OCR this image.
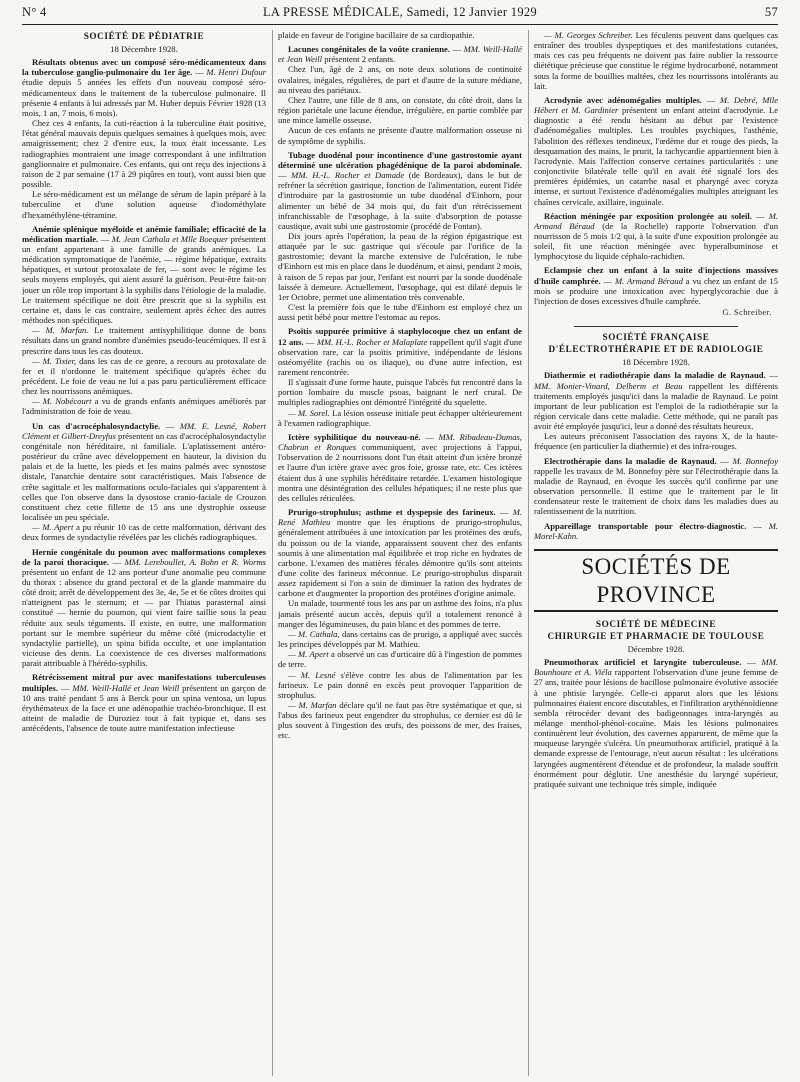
N° 4	LA PRESSE MÉDICALE, Samedi, 12 Janvier 1929	57
SOCIÉTÉ DE PÉDIATRIE
18 Décembre 1928.

Résultats obtenus avec un composé séro-médicamenteux dans la tuberculose ganglio-pulmonaire du 1er âge. — M. Henri Dufour étudie depuis 5 années les effets d'un nouveau composé séro-médicamenteux dans le traitement de la tuberculose pulmonaire. Il présente 4 enfants à lui adressés par M. Huber depuis Février 1928 (13 mois, 1 an, 7 mois, 6 mois).

Chez ces 4 enfants, la cuti-réaction à la tuberculine était positive, l'état général mauvais depuis quelques semaines à quelques mois, avec amaigrissement; chez 2 d'entre eux, la toux était incessante. Les radiographies montraient une image correspondant à une infiltration ganglionnaire et pulmonaire. Ces enfants, qui ont reçu des injections à raison de 2 par semaine (17 à 29 piqûres en tout), vont aussi bien que possible.

Le séro-médicament est un mélange de sérum de lapin préparé à la tuberculine et d'une solution aqueuse d'iodométhylate d'hexaméthylène-tétramine.

Anémie splénique myéloïde et anémie familiale; efficacité de la médication martiale. — M. Jean Cathala et Mlle Boequer présentent un enfant appartenant à une famille de grands anémiques. La médication symptomatique de l'anémie, — régime hépatique, extraits hépatiques, et surtout protoxalate de fer, — sont avec le régime les seuls moyens employés, qui aient assuré la guérison. Peut-être fait-on jouer un rôle trop important à la syphilis dans l'étiologie de la maladie. Le traitement spécifique ne doit être prescrit que si la syphilis est certaine et, dans le cas contraire, seulement après échec des autres méthodes non spécifiques.

— M. Marfan. Le traitement antisyphilitique donne de bons résultats dans un grand nombre d'anémies pseudo-leucémiques. Il est à prescrire dans tous les cas douteux.

— M. Tixier, dans les cas de ce genre, a recours au protoxalate de fer et il n'ordonne le traitement spécifique qu'après échec du précédent. Le foie de veau ne lui a pas paru particulièrement efficace chez les nourrissons anémiques.

— M. Nobécourt a vu de grands enfants anémiques améliorés par l'administration de foie de veau.

Un cas d'acrocéphalosyndactylie. — MM. E. Lesné, Robert Clément et Gilbert-Dreyfus présentent un cas d'acrocéphalosyndactylie congénitale non héréditaire, ni familiale. L'aplatissement antéro-postérieur du crâne avec développement en hauteur, la division du palais et de la luette, les pieds et les mains palmés avec synostose distale, l'anarchie dentaire sont caractéristiques. Mais l'absence de crête sagittale et les malformations oculo-faciales qui s'apparentent à celles que l'on observe dans la dysostose cranio-faciale de Crouzon constituent chez cette fillette de 15 ans une dystrophie osseuse localisée un peu spéciale.

— M. Apert a pu réunir 10 cas de cette malformation, dérivant des deux formes de syndactylie révélées par les clichés radiographiques.

Hernie congénitale du poumon avec malformations complexes de la paroi thoracique. — MM. Lereboullet, A. Bohn et R. Worms présentent un enfant de 12 ans porteur d'une anomalie peu commune du thorax : absence du grand pectoral et de la glande mammaire du côté droit; arrêt de développement des 3e, 4e, 5e et 6e côtes droites qui n'atteignent pas le sternum; et — par l'hiatus parasternal ainsi constitué — hernie du poumon, qui vient faire saillie sous la peau réduite aux seuls téguments. Il existe, en outre, une malformation portant sur le membre supérieur du même côté (microdactylie et syndactylie partielle), un spina bifida occulte, et une implantation vicieuse des dents. La coexistence de ces diverses malformations parait attribuable à l'hérédo-syphilis.

Rétrécissement mitral pur avec manifestations tuberculeuses multiples. — MM. Weill-Hallé et Jean Weill présentent un garçon de 10 ans traité pendant 5 ans à Berck pour un spina ventosa, un lupus érythémateux de la face et une adénopathie trachéo-bronchique. Il est atteint de maladie de Duroziez tout à fait typique et, dans ses antécédents, l'absence de toute autre manifestation infectieuse

plaide en faveur de l'origine bacillaire de sa cardiopathie.

Lacunes congénitales de la voûte cranienne. — MM. Weill-Hallé et Jean Weill présentent 2 enfants.

Chez l'un, âgé de 2 ans, on note deux solutions de continuité ovalaires, inégales, régulières, de part et d'autre de la suture médiane, au niveau des pariétaux.

Chez l'autre, une fille de 8 ans, on constate, du côté droit, dans la région pariétale une lacune étendue, irrégulière, en partie comblée par une mince lamelle osseuse.

Aucun de ces enfants ne présente d'autre malformation osseuse ni de symptôme de syphilis.

Tubage duodénal pour incontinence d'une gastrostomie ayant déterminé une ulcération phagédénique de la paroi abdominale. — MM. H.-L. Rocher et Damade (de Bordeaux), dans le but de refréner la sécrétion gastrique, fonction de l'alimentation, eurent l'idée d'introduire par la gastrostomie un tube duodénal d'Einhorn, pour alimenter un bébé de 34 mois qui, du fait d'un rétrécissement infranchissable de l'œsophage, à la suite d'absorption de potasse caustique, avait subi une gastrostomie (procédé de Fontan).

Dix jours après l'opération, la peau de la région épigastrique est attaquée par le suc gastrique qui s'écoule par l'orifice de la gastrostomie; devant la marche extensive de l'ulcération, le tube d'Einhorn est mis en place dans le duodénum, et ainsi, pendant 2 mois, à raison de 5 repas par jour, l'enfant est nourri par la sonde duodénale laissée à demeure. Actuellement, l'œsophage, qui est dilaté depuis le 1er Octobre, permet une alimentation très convenable.

C'est la première fois que le tube d'Einhorn est employé chez un aussi petit bébé pour mettre l'estomac au repos.

Psoïtis suppurée primitive à staphylocoque chez un enfant de 12 ans. — MM. H.-L. Rocher et Malaplate rappellent qu'il s'agit d'une observation rare, car la psoïtis primitive, indépendante de lésions ostéomyélite (rachis ou os iliaque), ou d'une autre infection, est rarement rencontrée.

Il s'agissait d'une forme haute, puisque l'abcès fut rencontré dans la portion lombaire du muscle psoas, baignant le nerf crural. De multiples radiographies ont démontré l'intégrité du squelette.

— M. Sorel. La lésion osseuse initiale peut échapper ultérieurement à l'examen radiographique.

Ictère syphilitique du nouveau-né. — MM. Ribadeau-Dumas, Chabrun et Ronques communiquent, avec projections à l'appui, l'observation de 2 nourrissons dont l'un était atteint d'un ictère bronzé et l'autre d'un ictère grave avec gros foie, grosse rate, etc. Ces ictères étaient dus à une syphilis héréditaire retardée. L'examen histologique montra une désintégration des cellules hépatiques; il ne reste plus que des cellules réticulées.

Prurigo-strophulus; asthme et dyspepsie des farineux. — M. René Mathieu montre que les éruptions de prurigo-strophulus, généralement attribuées à une intoxication par les protéines des œufs, du poisson ou de la viande, apparaissent souvent chez des enfants soumis à une alimentation mal équilibrée et trop riche en hydrates de carbone. L'examen des matières fécales démontre qu'ils sont atteints d'une colite des farineux méconnue. Le prurigo-strophulus disparait assez rapidement si l'on a soin de diminuer la ration des hydrates de carbone et d'augmenter la proportion des protéines d'origine animale.

Un malade, tourmenté tous les ans par un asthme des foins, n'a plus jamais présenté aucun accès, depuis qu'il a totalement renoncé à manger des légumineuses, du pain blanc et des pommes de terre.

— M. Cathala, dans certains cas de prurigo, a appliqué avec succès les principes développés par M. Mathieu.

— M. Apert a observé un cas d'urticaire dû à l'ingestion de pommes de terre.

— M. Lesné s'élève contre les abus de l'alimentation par les farineux. Le pain donné en excès peut provoquer l'apparition de strophulus.

— M. Marfan déclare qu'il ne faut pas être systématique et que, si l'abus des farineux peut engendrer du strophulus, ce dernier est dû le plus souvent à l'ingestion des œufs, des poissons de mer, des fraises, etc.

— M. Georges Schreiber. Les féculents peuvent dans quelques cas entraîner des troubles dyspeptiques et des manifestations cutanées, mais ces cas peu fréquents ne doivent pas faire oublier la ressource diététique précieuse que constitue le régime hydrocarboné, notamment sous la forme de bouillies maltées, chez les nourrissons intolérants au lait.

Acrodynie avec adénomégalies multiples. — M. Debré, Mlle Hébert et M. Gardinier présentent un enfant atteint d'acrodynie. Le diagnostic a été rendu hésitant au début par l'existence d'adénomégalies multiples. Les troubles psychiques, l'asthénie, l'abolition des réflexes tendineux, l'œdème dur et rouge des pieds, la desquamation des mains, le prurit, la tachycardie appartiennent bien à l'acrodynie. Mais l'affection conserve certaines particularités : une conjonctivite bilatérale telle qu'il en avait été signalé lors des premières épidémies, un catarrhe nasal et pharyngé avec coryza intense, et surtout l'existence d'adénomégalies multiples atteignant les chaînes cervicale, axillaire, inguinale.

Réaction méningée par exposition prolongée au soleil. — M. Armand Béraud (de la Rochelle) rapporte l'observation d'un nourrisson de 5 mois 1/2 qui, à la suite d'une exposition prolongée au soleil, fit une réaction méningée avec hyperalbuminose et lymphocytose du liquide céphalo-rachidien.

Eclampsie chez un enfant à la suite d'injections massives d'huile camphrée. — M. Armand Béraud a vu chez un enfant de 15 mois se produire une intoxication avec hyperglycorachie due à l'injection de doses excessives d'huile camphrée.

G. Schreiber.
SOCIÉTÉ FRANÇAISE
D'ÉLECTROTHÉRAPIE ET DE RADIOLOGIE
18 Décembre 1928.

Diathermie et radiothérapie dans la maladie de Raynaud. — MM. Monier-Vinard, Delherm et Beau rappellent les différents traitements employés jusqu'ici dans la maladie de Raynaud. Le point important de leur publication est l'emploi de la radiothérapie sur la région cervicale dans cette maladie. Cette méthode, qui ne paraît pas avoir été employée jusqu'ici, leur a donné des résultats heureux.

Les auteurs préconisent l'association des rayons X, de la haute-fréquence (en particulier la diathermie) et des infra-rouges.

Electrothérapie dans la maladie de Raynaud. — M. Bonnefoy rappelle les travaux de M. Bonnefoy père sur l'électrothérapie dans la maladie de Raynaud, en évoque les succès qu'il confirme par une observation personnelle. Il estime que le traitement par le lit condensateur reste le traitement de choix dans les maladies dues au ralentissement de la nutrition.

Appareillage transportable pour électro-diagnostic. — M. Morel-Kahn.

SOCIÉTÉS DE PROVINCE
SOCIÉTÉ DE MÉDECINE
CHIRURGIE ET PHARMACIE DE TOULOUSE
Décembre 1928.

Pneumothorax artificiel et laryngite tuberculeuse. — MM. Bounhoure et A. Viéla rapportent l'observation d'une jeune femme de 27 ans, traitée pour lésions de bacillose pulmonaire évolutive associée à une phtisie laryngée. Celle-ci apparut alors que les lésions pulmonaires étaient encore discutables, et l'infiltration arythénoïdienne sembla rétrocéder devant des badigeonnages intra-laryngés au mélange menthol-phénol-cocaïne. Mais les lésions pulmonaires continuèrent leur évolution, des cavernes apparurent, de même que la muqueuse laryngée s'ulcéra. Un pneumothorax artificiel, pratiqué à la demande expresse de l'entourage, n'eut aucun résultat : les ulcérations laryngées augmentèrent d'étendue et de profondeur, la malade souffrit énormément pour déglutir. Une anesthésie du laryngé supérieur, pratiquée suivant une technique très simple, indiquée
